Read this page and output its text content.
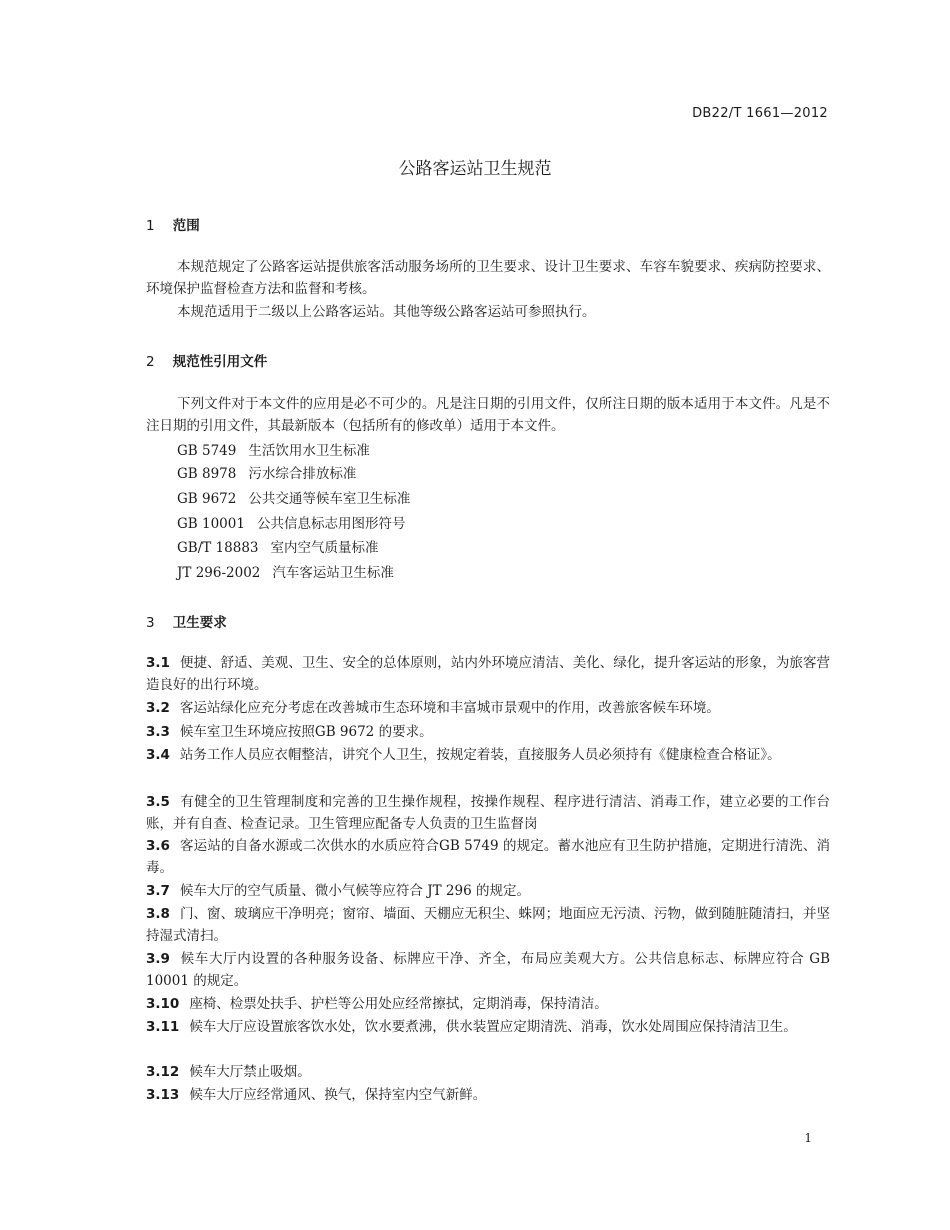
DB22/T 1661—2012
公路客运站卫生规范
1 范围

本规范规定了公路客运站提供旅客活动服务场所的卫生要求、设计卫生要求、车容车貌要求、疾病防控要求、环境保护监督检查方法和监督和考核。

本规范适用于二级以上公路客运站。其他等级公路客运站可参照执行。

2 规范性引用文件

下列文件对于本文件的应用是必不可少的。凡是注日期的引用文件，仅所注日期的版本适用于本文件。凡是不注日期的引用文件，其最新版本（包括所有的修改单）适用于本文件。

GB 5749 生活饮用水卫生标准
GB 8978 污水综合排放标准
GB 9672 公共交通等候车室卫生标准
GB 10001 公共信息标志用图形符号
GB/T 18883 室内空气质量标准
JT 296-2002 汽车客运站卫生标准
3 卫生要求

3.1 便捷、舒适、美观、卫生、安全的总体原则，站内外环境应清洁、美化、绿化，提升客运站的形象，为旅客营造良好的出行环境。

3.2 客运站绿化应充分考虑在改善城市生态环境和丰富城市景观中的作用，改善旅客候车环境。

3.3 候车室卫生环境应按照GB 9672 的要求。

3.4 站务工作人员应衣帽整洁，讲究个人卫生，按规定着装，直接服务人员必须持有《健康检查合格证》。

3.5 有健全的卫生管理制度和完善的卫生操作规程，按操作规程、程序进行清洁、消毒工作，建立必要的工作台账，并有自查、检查记录。卫生管理应配备专人负责的卫生监督岗

3.6 客运站的自备水源或二次供水的水质应符合GB 5749 的规定。蓄水池应有卫生防护措施，定期进行清洗、消毒。

3.7 候车大厅的空气质量、微小气候等应符合 JT 296 的规定。

3.8 门、窗、玻璃应干净明亮；窗帘、墙面、天棚应无积尘、蛛网；地面应无污渍、污物，做到随脏随清扫，并坚持湿式清扫。

3.9 候车大厅内设置的各种服务设备、标牌应干净、齐全，布局应美观大方。公共信息标志、标牌应符合 GB 10001 的规定。

3.10 座椅、检票处扶手、护栏等公用处应经常擦拭，定期消毒，保持清洁。

3.11 候车大厅应设置旅客饮水处，饮水要煮沸，供水装置应定期清洗、消毒，饮水处周围应保持清洁卫生。

3.12 候车大厅禁止吸烟。

3.13 候车大厅应经常通风、换气，保持室内空气新鲜。

1
